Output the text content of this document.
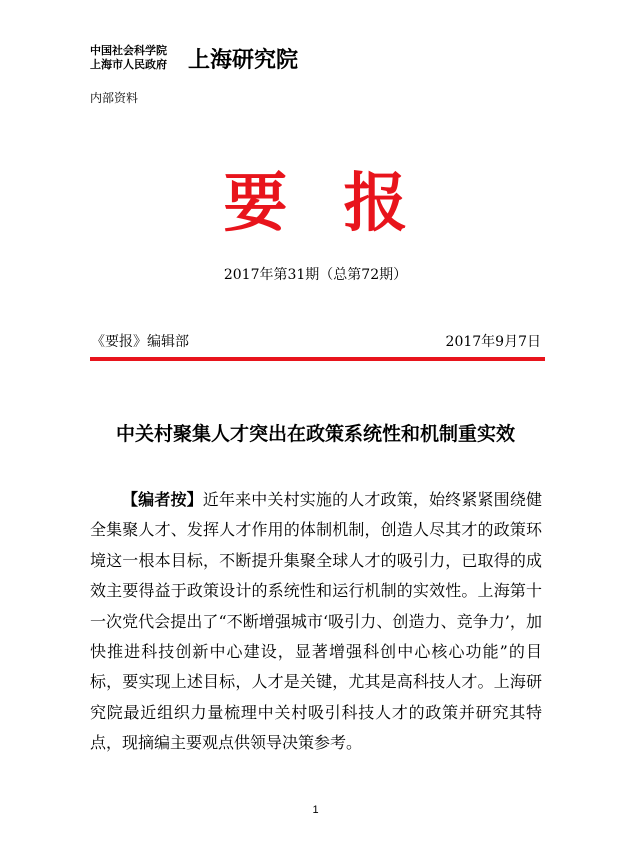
中国社会科学院
上海市人民政府 上海研究院
内部资料
要报
2017年第31期（总第72期）
《要报》编辑部	2017年9月7日
中关村聚集人才突出在政策系统性和机制重实效
【编者按】近年来中关村实施的人才政策，始终紧紧围绕健全集聚人才、发挥人才作用的体制机制，创造人尽其才的政策环境这一根本目标，不断提升集聚全球人才的吸引力，已取得的成效主要得益于政策设计的系统性和运行机制的实效性。上海第十一次党代会提出了“不断增强城市‘吸引力、创造力、竞争力’，加快推进科技创新中心建设，显著增强科创中心核心功能”的目标，要实现上述目标，人才是关键，尤其是高科技人才。上海研究院最近组织力量梳理中关村吸引科技人才的政策并研究其特点，现摘编主要观点供领导决策参考。
1
